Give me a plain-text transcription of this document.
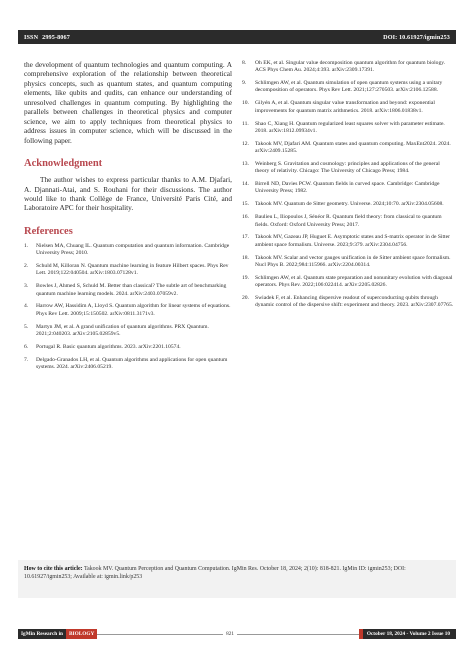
ISSN 2995-8067	DOI: 10.61927/igmin253

the development of quantum technologies and quantum computing. A comprehensive exploration of the relationship between theoretical physics concepts, such as quantum states, and quantum computing elements, like qubits and qudits, can enhance our understanding of unresolved challenges in quantum computing. By highlighting the parallels between challenges in theoretical physics and computer science, we aim to apply techniques from theoretical physics to address issues in computer science, which will be discussed in the following paper.

Acknowledgment

The author wishes to express particular thanks to A.M. Djafari, A. Djannati-Atai, and S. Rouhani for their discussions. The author would like to thank Collège de France, Université Paris Cité, and Laboratoire APC for their hospitality.

References
1.	Nielsen MA, Chuang IL. Quantum computation and quantum information. Cambridge University Press; 2010.
2.	Schuld M, Killoran N. Quantum machine learning in feature Hilbert spaces. Phys Rev Lett. 2019;122:040504. arXiv:1803.07128v1.
3.	Bowles J, Ahmed S, Schuld M. Better than classical? The subtle art of benchmarking quantum machine learning models. 2024. arXiv:2403.07059v2.
4.	Harrow AW, Hassidim A, Lloyd S. Quantum algorithm for linear systems of equations. Phys Rev Lett. 2009;15:150502. arXiv:0811.3171v3.
5.	Martyn JM, et al. A grand unification of quantum algorithms. PRX Quantum. 2021;2:040203. arXiv:2105.02859v5.
6.	Portugal R. Basic quantum algorithms. 2023. arXiv:2201.10574.
7.	Delgado-Granados LH, et al. Quantum algorithms and applications for open quantum systems. 2024. arXiv:2406.05219.
8.	Oh EK, et al. Singular value decomposition quantum algorithm for quantum biology. ACS Phys Chem Au. 2024;4:393. arXiv:2309.17391.
9.	Schlimgen AW, et al. Quantum simulation of open quantum systems using a unitary decomposition of operators. Phys Rev Lett. 2021;127:270503. arXiv:2106.12588.
10.	Gilyén A, et al. Quantum singular value transformation and beyond: exponential improvements for quantum matrix arithmetics. 2018. arXiv:1806.01838v1.
11.	Shao C, Xiang H. Quantum regularized least squares solver with parameter estimate. 2018. arXiv:1812.09934v1.
12.	Takook MV, Djafari AM. Quantum states and quantum computing. MaxEnt2024. 2024. arXiv:2409.15285.
13.	Weinberg S. Gravitation and cosmology: principles and applications of the general theory of relativity. Chicago: The University of Chicago Press; 1984.
14.	Birrell ND, Davies PCW. Quantum fields in curved space. Cambridge: Cambridge University Press; 1982.
15.	Takook MV. Quantum de Sitter geometry. Universe. 2024;10:70. arXiv:2304.05608.
16.	Baulieu L, Iliopoulos J, Sénéor R. Quantum field theory: from classical to quantum fields. Oxford: Oxford University Press; 2017.
17.	Takook MV, Gazeau JP, Huguet E. Asymptotic states and S-matrix operator in de Sitter ambient space formalism. Universe. 2023;9:379. arXiv:2304.04756.
18.	Takook MV. Scalar and vector gauges unification in de Sitter ambient space formalism. Nucl Phys B. 2022;984:115966. arXiv:2204.00314.
19.	Schlimgen AW, et al. Quantum state preparation and nonunitary evolution with diagonal operators. Phys Rev. 2022;106:022414. arXiv:2205.02826.
20.	Swiadek F, et al. Enhancing dispersive readout of superconducting qubits through dynamic control of the dispersive shift: experiment and theory. 2023. arXiv:2307.07765.
How to cite this article: Takook MV. Quantum Perception and Quantum Computation. IgMin Res. October 18, 2024; 2(10): 818-821. IgMin ID: igmin253; DOI: 10.61927/igmin253; Available at: igmin.link/p253
IgMin Research in	BIOLOGY	821	October 18, 2024 - Volume 2 Issue 10
